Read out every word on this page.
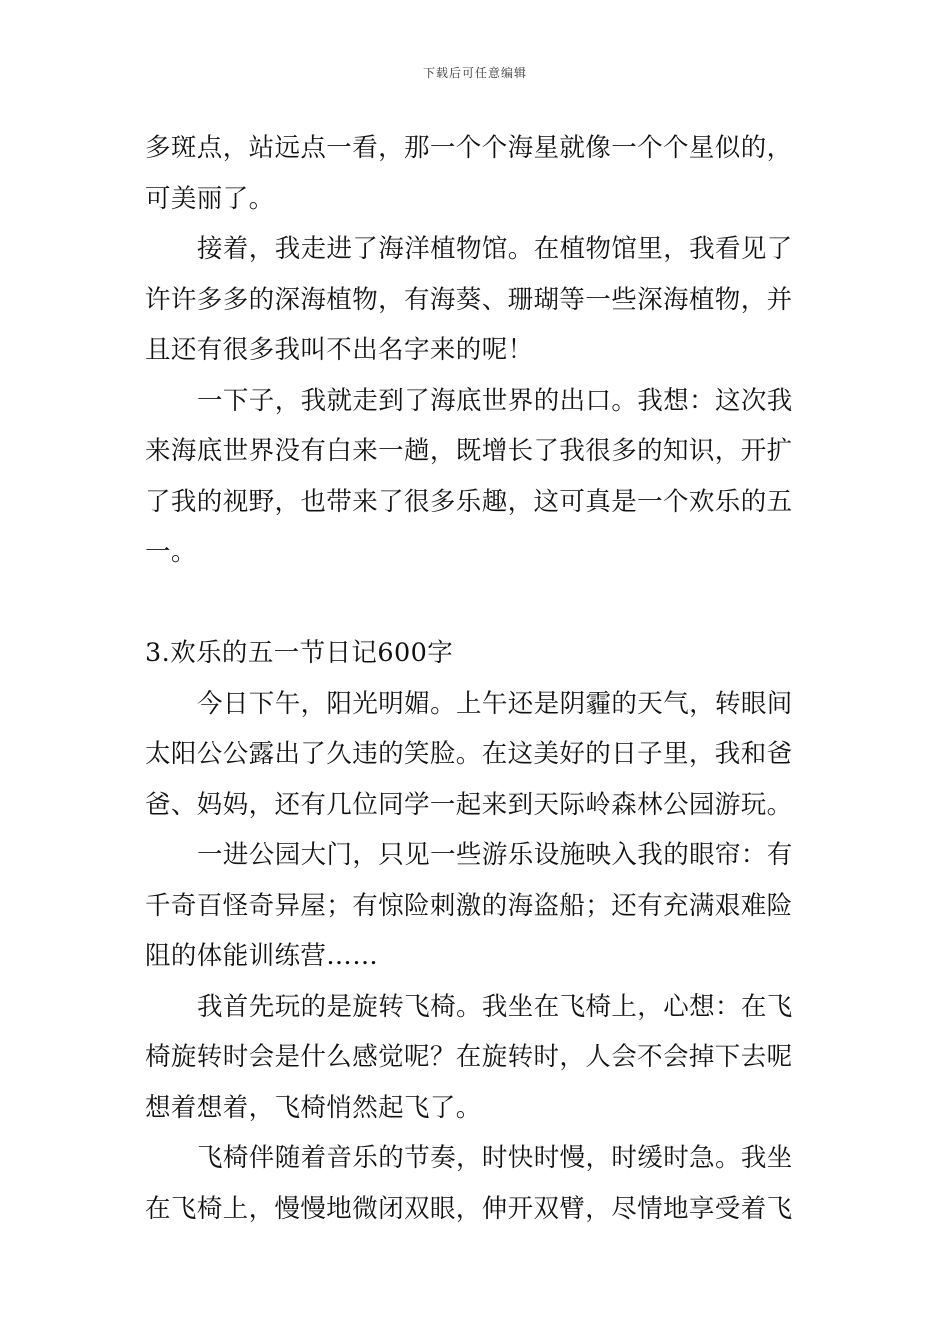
下载后可任意编辑
多斑点，站远点一看，那一个个海星就像一个个星似的，
可美丽了。
接着，我走进了海洋植物馆。在植物馆里，我看见了
许许多多的深海植物，有海葵、珊瑚等一些深海植物，并
且还有很多我叫不出名字来的呢！
一下子，我就走到了海底世界的出口。我想：这次我
来海底世界没有白来一趟，既增长了我很多的知识，开扩
了我的视野，也带来了很多乐趣，这可真是一个欢乐的五
一。
3.欢乐的五一节日记600字
今日下午，阳光明媚。上午还是阴霾的天气，转眼间
太阳公公露出了久违的笑脸。在这美好的日子里，我和爸
爸、妈妈，还有几位同学一起来到天际岭森林公园游玩。
一进公园大门，只见一些游乐设施映入我的眼帘：有
千奇百怪奇异屋；有惊险刺激的海盗船；还有充满艰难险
阻的体能训练营……
我首先玩的是旋转飞椅。我坐在飞椅上，心想：在飞
椅旋转时会是什么感觉呢？在旋转时，人会不会掉下去呢
想着想着，飞椅悄然起飞了。
飞椅伴随着音乐的节奏，时快时慢，时缓时急。我坐
在飞椅上，慢慢地微闭双眼，伸开双臂，尽情地享受着飞
